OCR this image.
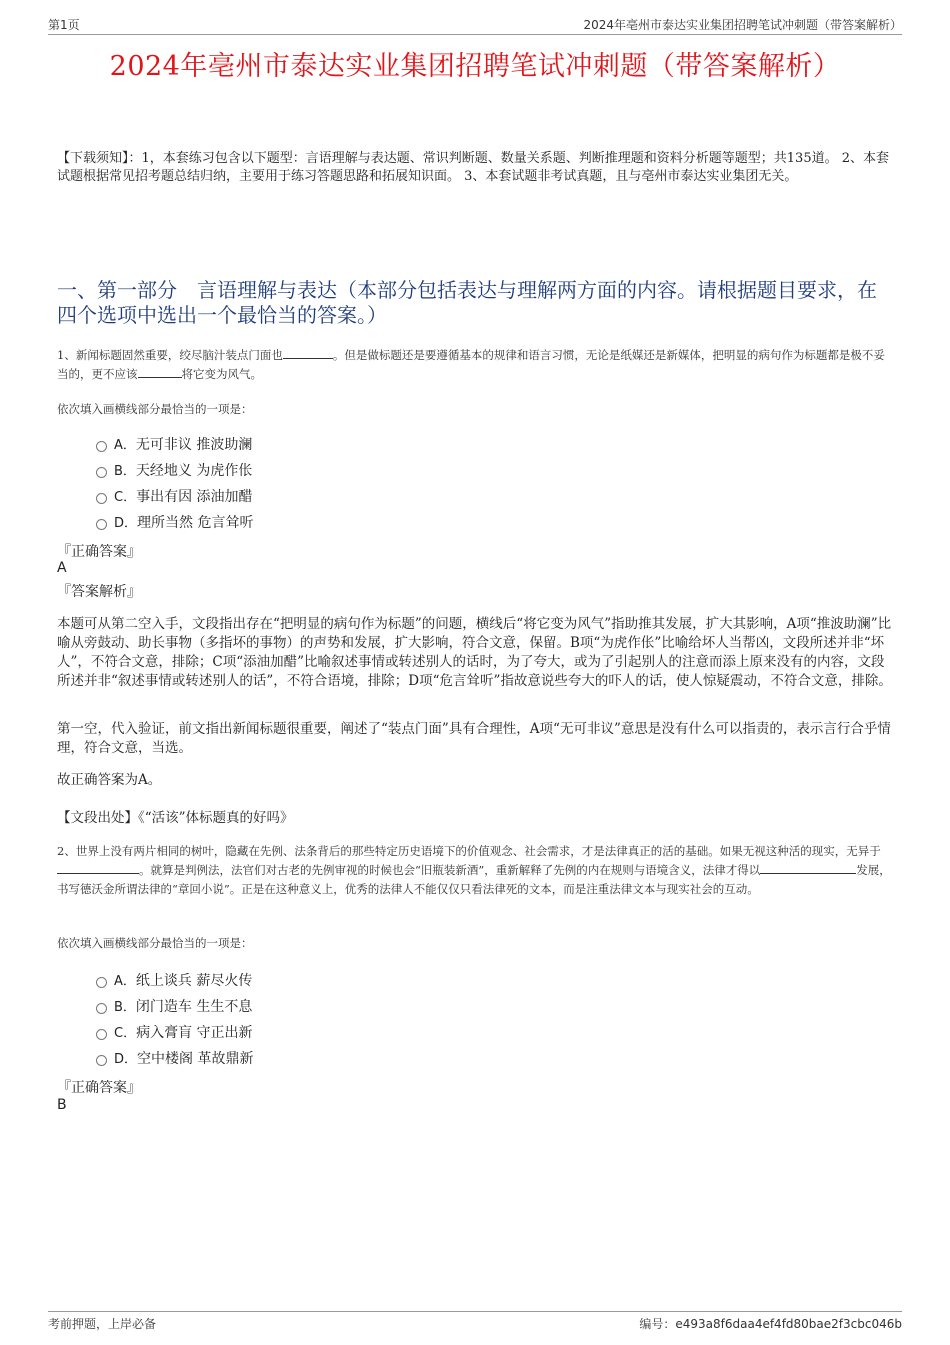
第1页	2024年亳州市泰达实业集团招聘笔试冲刺题（带答案解析）
2024年亳州市泰达实业集团招聘笔试冲刺题（带答案解析）
【下载须知】：1，本套练习包含以下题型：言语理解与表达题、常识判断题、数量关系题、判断推理题和资料分析题等题型；共135道。 2、本套试题根据常见招考题总结归纳，主要用于练习答题思路和拓展知识面。 3、本套试题非考试真题，且与亳州市泰达实业集团无关。
一、第一部分　言语理解与表达（本部分包括表达与理解两方面的内容。请根据题目要求，在四个选项中选出一个最恰当的答案。）
1、新闻标题固然重要，绞尽脑汁装点门面也	。但是做标题还是要遵循基本的规律和语言习惯，无论是纸媒还是新媒体，把明显的病句作为标题都是极不妥当的，更不应该	将它变为风气。
依次填入画横线部分最恰当的一项是：
A．无可非议 推波助澜
B．天经地义 为虎作伥
C．事出有因 添油加醋
D．理所当然 危言耸听
『正确答案』
A
『答案解析』
本题可从第二空入手，文段指出存在“把明显的病句作为标题”的问题，横线后“将它变为风气”指助推其发展，扩大其影响，A项“推波助澜”比喻从旁鼓动、助长事物（多指坏的事物）的声势和发展，扩大影响，符合文意，保留。B项“为虎作伥”比喻给坏人当帮凶，文段所述并非“坏人”，不符合文意，排除；C项“添油加醋”比喻叙述事情或转述别人的话时，为了夸大，或为了引起别人的注意而添上原来没有的内容，文段所述并非“叙述事情或转述别人的话”，不符合语境，排除；D项“危言耸听”指故意说些夸大的吓人的话，使人惊疑震动，不符合文意，排除。
第一空，代入验证，前文指出新闻标题很重要，阐述了“装点门面”具有合理性，A项“无可非议”意思是没有什么可以指责的，表示言行合乎情理，符合文意，当选。
故正确答案为A。
【文段出处】《“活该”体标题真的好吗》
2、世界上没有两片相同的树叶，隐藏在先例、法条背后的那些特定历史语境下的价值观念、社会需求，才是法律真正的活的基础。如果无视这种活的现实，无异于。就算是判例法，法官们对古老的先例审视的时候也会“旧瓶装新酒”，重新解释了先例的内在规则与语境含义，法律才得以	发展，书写德沃金所谓法律的“章回小说”。正是在这种意义上，优秀的法律人不能仅仅只看法律死的文本，而是注重法律文本与现实社会的互动。
依次填入画横线部分最恰当的一项是：
A．纸上谈兵 薪尽火传
B．闭门造车 生生不息
C．病入膏肓 守正出新
D．空中楼阁 革故鼎新
『正确答案』
B
考前押题，上岸必备	编号：e493a8f6daa4ef4fd80bae2f3cbc046b
